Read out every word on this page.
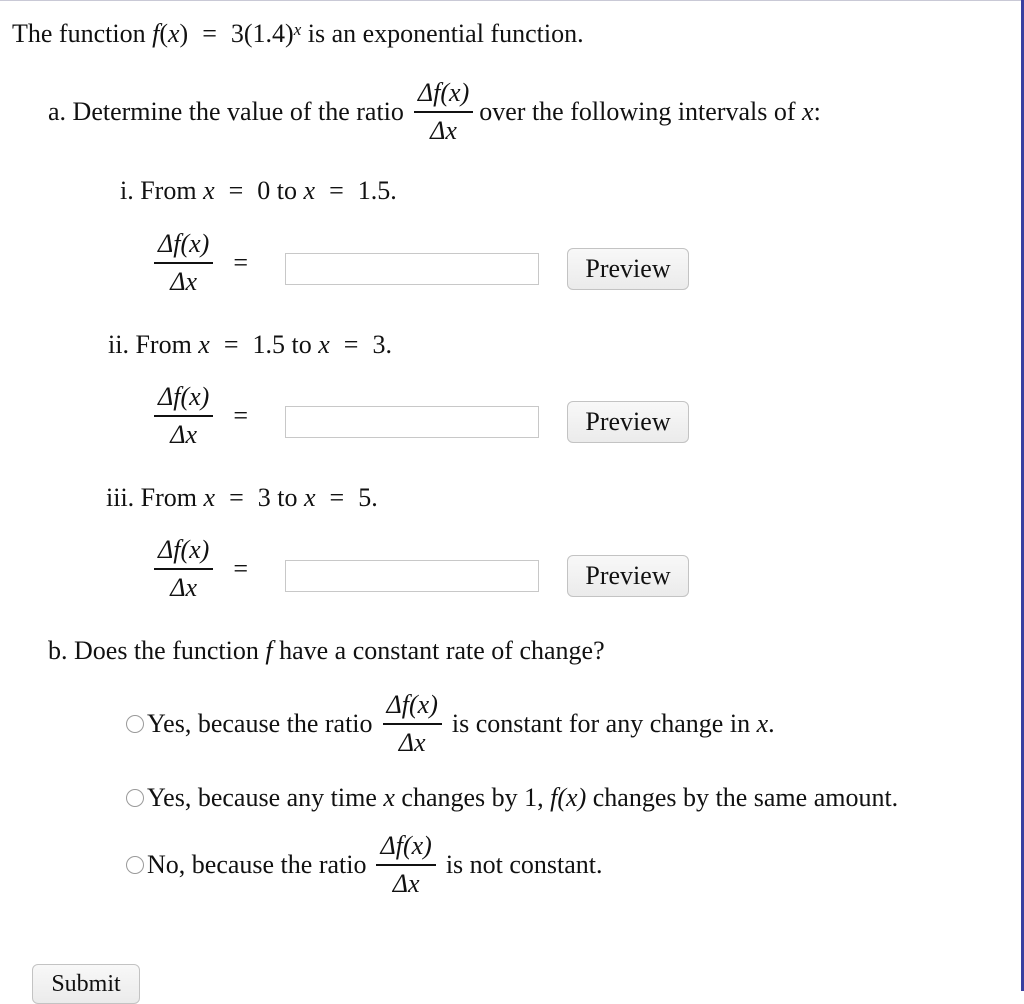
The function
f ( x ) = $3(1.4)^x$
is an exponential function.
a. Determine the value of the ratio $\frac{\Delta f(x)}{\Delta x}$ over the following intervals of
x :
i. From
x = 0
to
x = 1.5 .
$\frac{\Delta f(x)}{\Delta x}$ =	Preview
ii. From
x = 1.5
to
x = 3 .
$\frac{\Delta f(x)}{\Delta x}$ =	Preview
iii. From
x = 3
to
x = 5 .
$\frac{\Delta f(x)}{\Delta x}$ =	Preview
b. Does the function
f
have a constant rate of change?
Yes, because the ratio $\frac{\Delta f(x)}{\Delta x}$ is constant for any change in
x .
Yes, because any time
x
changes by 1,
f(x)
changes by the same amount.
No, because the ratio $\frac{\Delta f(x)}{\Delta x}$ is not constant.
Submit
